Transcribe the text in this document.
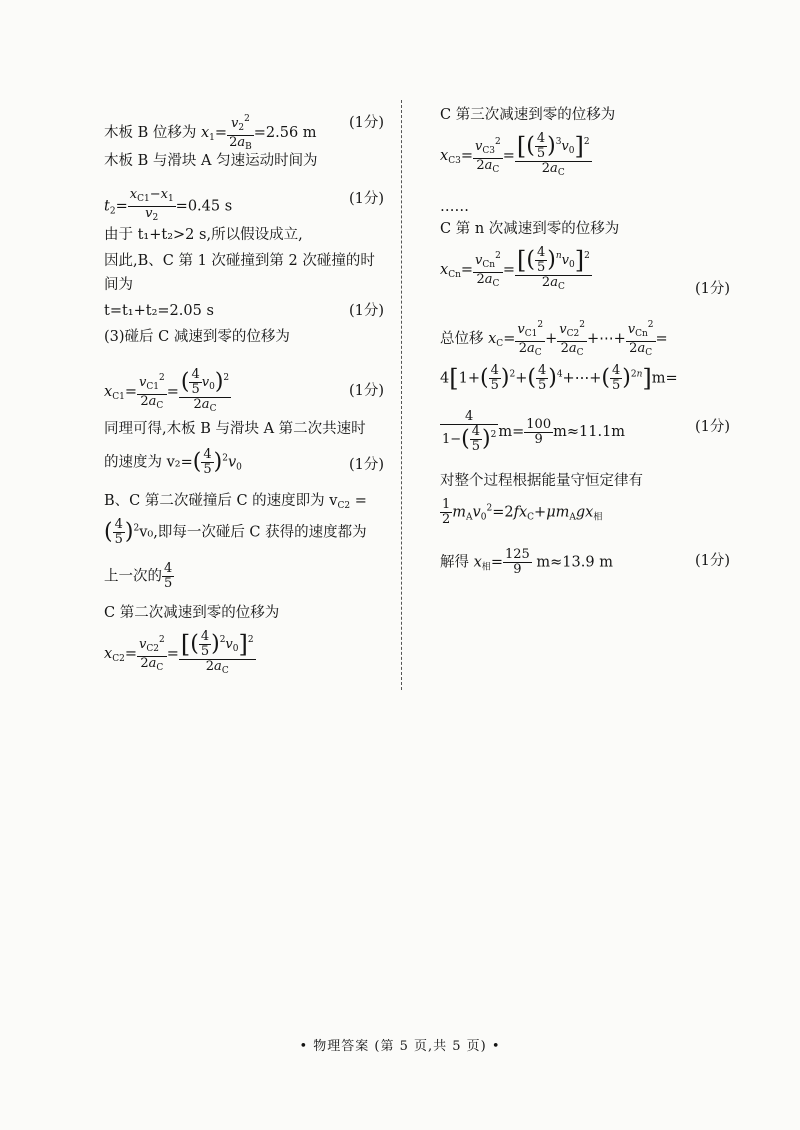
木板 B 位移为 $x_1= \frac{v_2^2}{2a_B} =2.56$ m
(1分)
木板 B 与滑块 A 匀速运动时间为
$t_2= \frac{x_{C1}-x_1}{v_2} =0.45$ s	(1分)
由于 t₁+t₂>2 s,所以假设成立,
因此,B、C 第 1 次碰撞到第 2 次碰撞的时
间为
t=t₁+t₂=2.05 s	(1分)
(3)碰后 C 减速到零的位移为
$x_{C1}= \frac{v_{C1}^2}{2a_C} = \frac{( \frac{4}{5} v_0)^2}{2a_C}$	(1分)
同理可得,木板 B 与滑块 A 第二次共速时
的速度为 $v_2=( \frac{4}{5} )^2v_0$	(1分)
B、C 第二次碰撞后 C 的速度即为 $v_{C2}$ =
( $\frac{4}{5} )^2v_0$,即每一次碰后 C 获得的速度都为
上一次的 $\frac{4}{5}$
C 第二次减速到零的位移为
$x_{C2}= \frac{v_{C2}^2}{2a_C} = \frac{[( \frac{4}{5} )^2v_0]^2}{2a_C}$
C 第三次减速到零的位移为
$x_{C3}= \frac{v_{C3}^2}{2a_C} = \frac{[( \frac{4}{5} )^3v_0]^2}{2a_C}$
……
C 第 n 次减速到零的位移为
$x_{Cn}= \frac{v_{Cn}^2}{2a_C} = \frac{[( \frac{4}{5} )^nv_0]^2}{2a_C}$	(1分)
总位移 $x_C= \frac{v_{C1}^2}{2a_C} + \frac{v_{C2}^2}{2a_C}$ +⋯+ $\frac{v_{Cn}^2}{2a_C}$ =
$4[1+( \frac{4}{5} )^2+( \frac{4}{5}$ )$^4+\cdots+( \frac{4}{5} )^{2n}]m=$
$\frac{4}{1-( \frac{4}{5} )^2} m= \frac{100}{9} m\approx 11.1m$	(1分)
对整个过程根据能量守恒定律有
$\frac{1}{2} m_Av_0^2=2fx_C+\mu m_Agx_相$
解得 $x_相= \frac{125}{9} m\approx 13.9$ m	(1分)
• 物理答案 (第 5 页,共 5 页) •
